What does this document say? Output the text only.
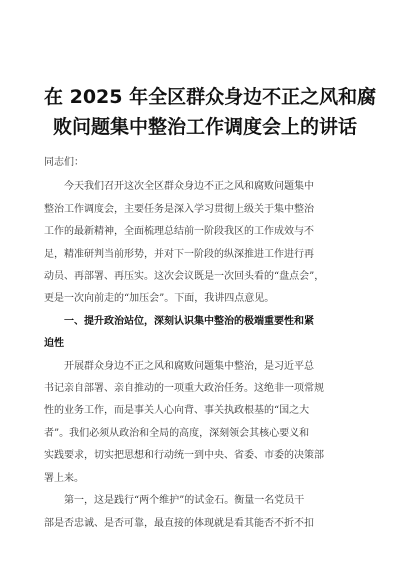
在 2025 年全区群众身边不正之风和腐
败问题集中整治工作调度会上的讲话

同志们：

今天我们召开这次全区群众身边不正之风和腐败问题集中
整治工作调度会，主要任务是深入学习贯彻上级关于集中整治
工作的最新精神，全面梳理总结前一阶段我区的工作成效与不
足，精准研判当前形势，并对下一阶段的纵深推进工作进行再
动员、再部署、再压实。这次会议既是一次回头看的“盘点会”，
更是一次向前走的“加压会”。下面，我讲四点意见。

一、提升政治站位，深刻认识集中整治的极端重要性和紧
迫性

开展群众身边不正之风和腐败问题集中整治，是习近平总
书记亲自部署、亲自推动的一项重大政治任务。这绝非一项常规
性的业务工作，而是事关人心向背、事关执政根基的“国之大
者”。我们必须从政治和全局的高度，深刻领会其核心要义和
实践要求，切实把思想和行动统一到中央、省委、市委的决策部
署上来。

第一，这是践行“两个维护”的试金石。衡量一名党员干
部是否忠诚、是否可靠，最直接的体现就是看其能否不折不扣
